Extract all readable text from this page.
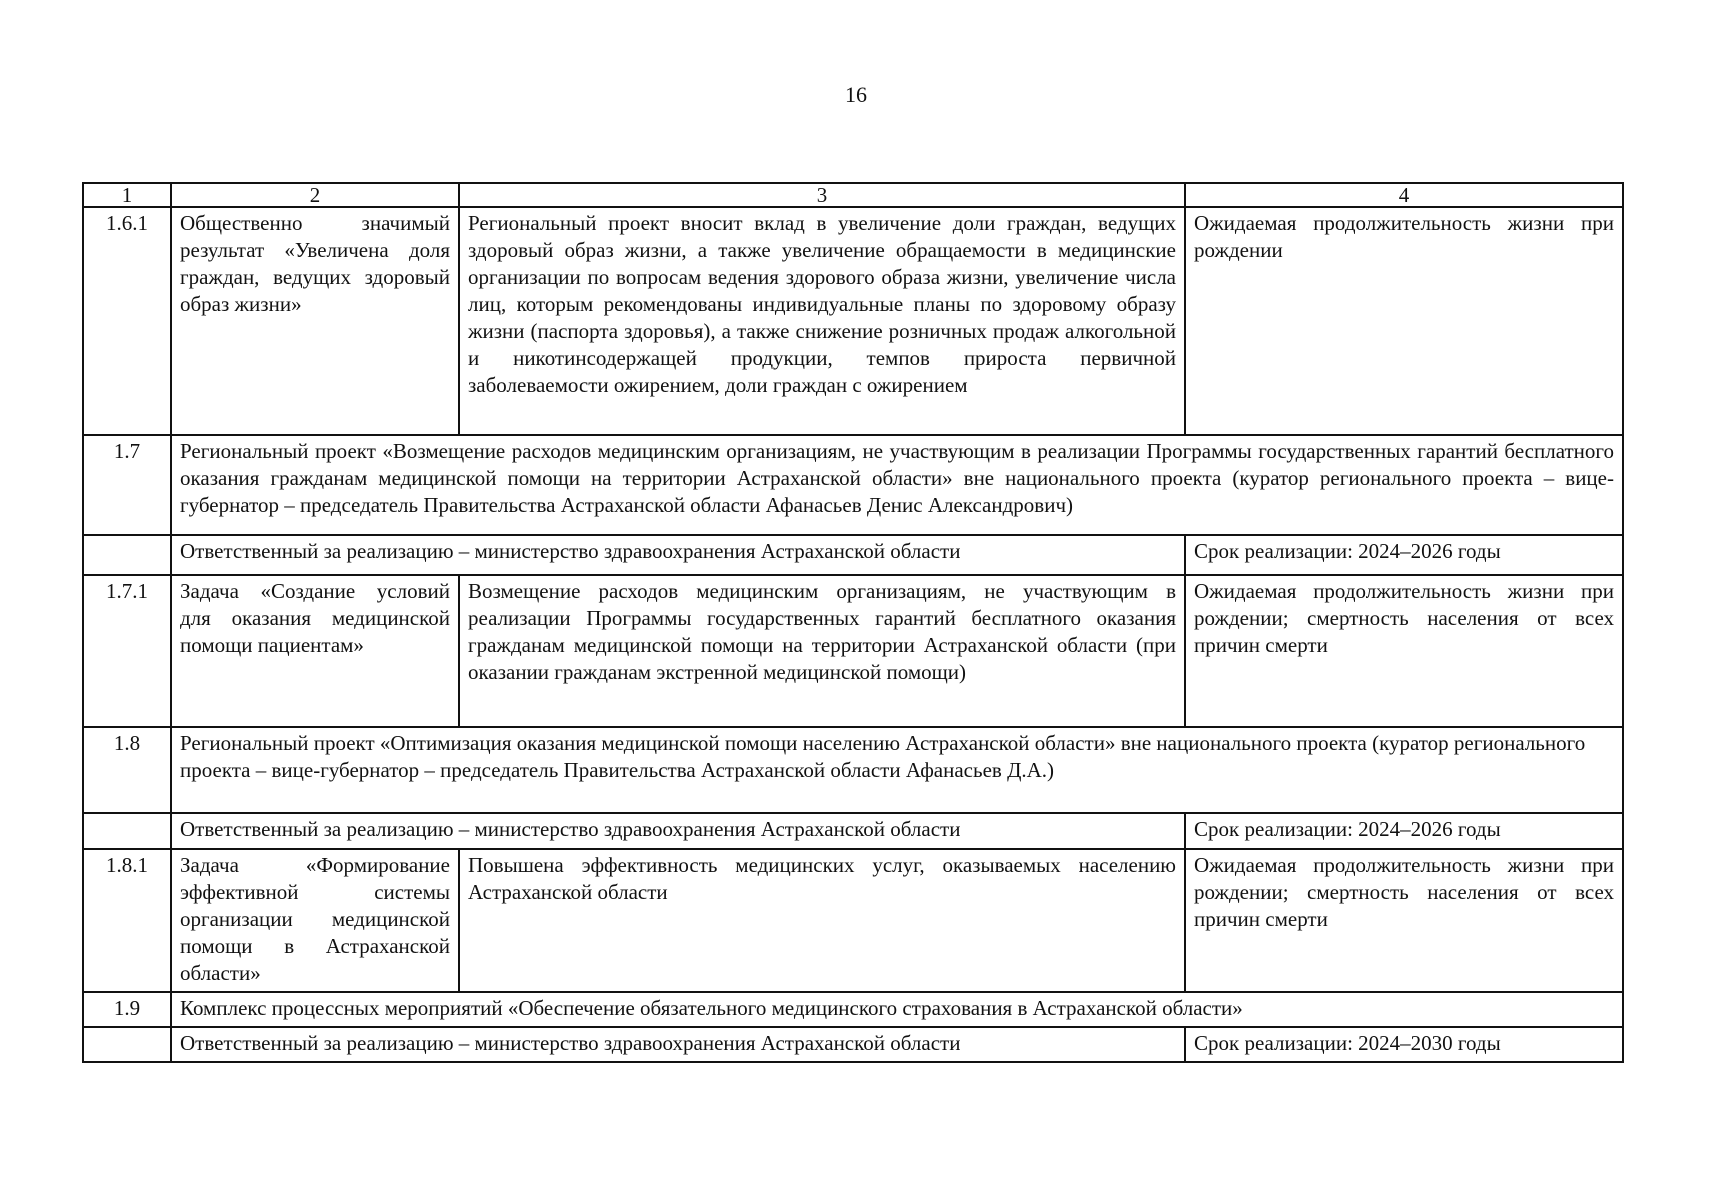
16
1	2	3	4
1.6.1	Общественно значимый результат «Увеличена доля граждан, ведущих здоровый образ жизни»	Региональный проект вносит вклад в увеличение доли граждан, ведущих здоровый образ жизни, а также увеличение обращаемости в медицинские организации по вопросам ведения здорового образа жизни, увеличение числа лиц, которым рекомендованы индивидуальные планы по здоровому образу жизни (паспорта здоровья), а также снижение розничных продаж алкогольной и никотинсодержащей продукции, темпов прироста первичной заболеваемости ожирением, доли граждан с ожирением	Ожидаемая продолжительность жизни при рождении
1.7	Региональный проект «Возмещение расходов медицинским организациям, не участвующим в реализации Программы государственных гарантий бесплатного оказания гражданам медицинской помощи на территории Астраханской области» вне национального проекта (куратор регионального проекта – вице-губернатор – председатель Правительства Астраханской области Афанасьев Денис Александрович)		
	Ответственный за реализацию – министерство здравоохранения Астраханской области		Срок реализации: 2024–2026 годы
1.7.1	Задача «Создание условий для оказания медицинской помощи пациентам»	Возмещение расходов медицинским организациям, не участвующим в реализации Программы государственных гарантий бесплатного оказания гражданам медицинской помощи на территории Астраханской области (при оказании гражданам экстренной медицинской помощи)	Ожидаемая продолжительность жизни при рождении; смертность населения от всех причин смерти
1.8	Региональный проект «Оптимизация оказания медицинской помощи населению Астраханской области» вне национального проекта (куратор регионального проекта – вице-губернатор – председатель Правительства Астраханской области Афанасьев Д.А.)		
	Ответственный за реализацию – министерство здравоохранения Астраханской области		Срок реализации: 2024–2026 годы
1.8.1	Задача «Формирование эффективной системы организации медицинской помощи в Астраханской области»	Повышена эффективность медицинских услуг, оказываемых населению Астраханской области	Ожидаемая продолжительность жизни при рождении; смертность населения от всех причин смерти
1.9	Комплекс процессных мероприятий «Обеспечение обязательного медицинского страхования в Астраханской области»		
	Ответственный за реализацию – министерство здравоохранения Астраханской области		Срок реализации: 2024–2030 годы
